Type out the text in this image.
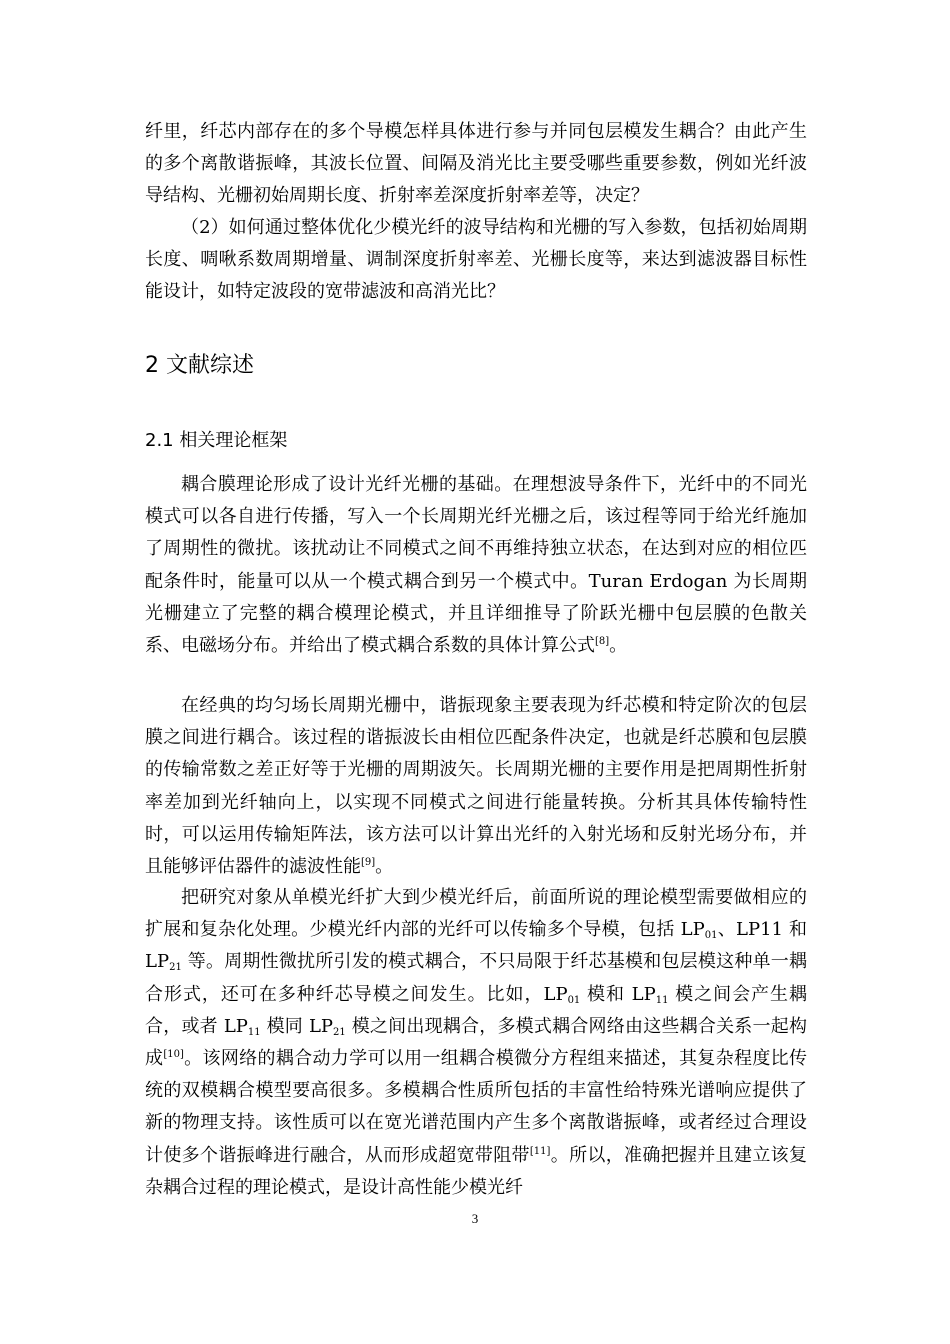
纤里，纤芯内部存在的多个导模怎样具体进行参与并同包层模发生耦合？由此产生的多个离散谐振峰，其波长位置、间隔及消光比主要受哪些重要参数，例如光纤波导结构、光栅初始周期长度、折射率差深度折射率差等，决定？

（2）如何通过整体优化少模光纤的波导结构和光栅的写入参数，包括初始周期长度、啁啾系数周期增量、调制深度折射率差、光栅长度等，来达到滤波器目标性能设计，如特定波段的宽带滤波和高消光比？

2 文献综述
2.1 相关理论框架

耦合膜理论形成了设计光纤光栅的基础。在理想波导条件下，光纤中的不同光模式可以各自进行传播，写入一个长周期光纤光栅之后，该过程等同于给光纤施加了周期性的微扰。该扰动让不同模式之间不再维持独立状态，在达到对应的相位匹配条件时，能量可以从一个模式耦合到另一个模式中。Turan Erdogan 为长周期光栅建立了完整的耦合模理论模式，并且详细推导了阶跃光栅中包层膜的色散关系、电磁场分布。并给出了模式耦合系数的具体计算公式[8]。

在经典的均匀场长周期光栅中，谐振现象主要表现为纤芯模和特定阶次的包层膜之间进行耦合。该过程的谐振波长由相位匹配条件决定，也就是纤芯膜和包层膜的传输常数之差正好等于光栅的周期波矢。长周期光栅的主要作用是把周期性折射率差加到光纤轴向上，以实现不同模式之间进行能量转换。分析其具体传输特性时，可以运用传输矩阵法，该方法可以计算出光纤的入射光场和反射光场分布，并且能够评估器件的滤波性能[9]。

把研究对象从单模光纤扩大到少模光纤后，前面所说的理论模型需要做相应的扩展和复杂化处理。少模光纤内部的光纤可以传输多个导模，包括 $LP_{01}$、LP11 和 $LP_{21}$ 等。周期性微扰所引发的模式耦合，不只局限于纤芯基模和包层模这种单一耦合形式，还可在多种纤芯导模之间发生。比如，$LP_{01}$ 模和 $LP_{11}$ 模之间会产生耦合，或者 $LP_{11}$ 模同 $LP_{21}$ 模之间出现耦合，多模式耦合网络由这些耦合关系一起构成[10]。该网络的耦合动力学可以用一组耦合模微分方程组来描述，其复杂程度比传统的双模耦合模型要高很多。多模耦合性质所包括的丰富性给特殊光谱响应提供了新的物理支持。该性质可以在宽光谱范围内产生多个离散谐振峰，或者经过合理设计使多个谐振峰进行融合，从而形成超宽带阻带[11]。所以，准确把握并且建立该复杂耦合过程的理论模式，是设计高性能少模光纤

3
